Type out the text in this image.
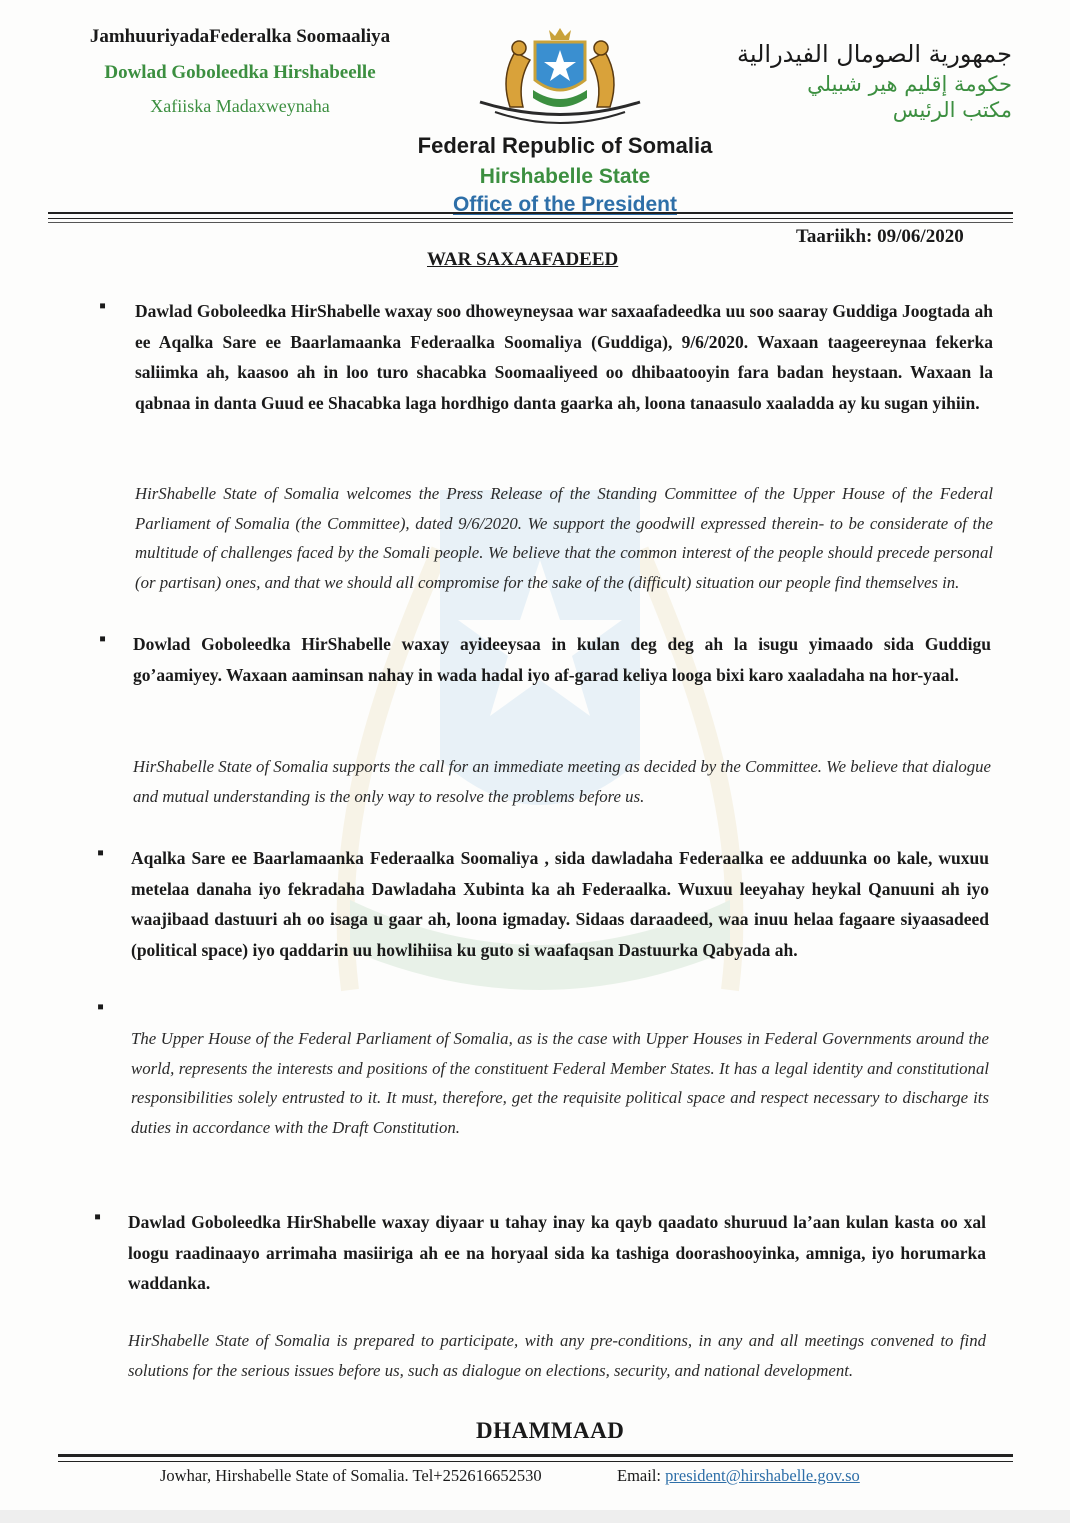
JamhuuriyadaFederalka Soomaaliya
Dowlad Goboleedka Hirshabeelle
Xafiiska Madaxweynaha
جمهورية الصومال الفيدرالية
حكومة إقليم هير شبيلي
مكتب الرئيس
Federal Republic of Somalia
Hirshabelle State
Office of the President
Taariikh: 09/06/2020
WAR SAXAAFADEED
▪ Dawlad Goboleedka HirShabelle waxay soo dhoweyneysaa war saxaafadeedka uu soo saaray Guddiga Joogtada ah ee Aqalka Sare ee Baarlamaanka Federaalka Soomaliya (Guddiga), 9/6/2020. Waxaan taageereynaa fekerka saliimka ah, kaasoo ah in loo turo shacabka Soomaaliyeed oo dhibaatooyin fara badan heystaan. Waxaan la qabnaa in danta Guud ee Shacabka laga hordhigo danta gaarka ah, loona tanaasulo xaaladda ay ku sugan yihiin.
HirShabelle State of Somalia welcomes the Press Release of the Standing Committee of the Upper House of the Federal Parliament of Somalia (the Committee), dated 9/6/2020. We support the goodwill expressed therein- to be considerate of the multitude of challenges faced by the Somali people. We believe that the common interest of the people should precede personal (or partisan) ones, and that we should all compromise for the sake of the (difficult) situation our people find themselves in.
▪ Dowlad Goboleedka HirShabelle waxay ayideeysaa in kulan deg deg ah la isugu yimaado sida Guddigu go’aamiyey. Waxaan aaminsan nahay in wada hadal iyo af-garad keliya looga bixi karo xaaladaha na hor-yaal.
HirShabelle State of Somalia supports the call for an immediate meeting as decided by the Committee. We believe that dialogue and mutual understanding is the only way to resolve the problems before us.
▪ Aqalka Sare ee Baarlamaanka Federaalka Soomaliya , sida dawladaha Federaalka ee adduunka oo kale, wuxuu metelaa danaha iyo fekradaha Dawladaha Xubinta ka ah Federaalka. Wuxuu leeyahay heykal Qanuuni ah iyo waajibaad dastuuri ah oo isaga u gaar ah, loona igmaday. Sidaas daraadeed, waa inuu helaa fagaare siyaasadeed (political space) iyo qaddarin uu howlihiisa ku guto si waafaqsan Dastuurka Qabyada ah.
▪
The Upper House of the Federal Parliament of Somalia, as is the case with Upper Houses in Federal Governments around the world, represents the interests and positions of the constituent Federal Member States. It has a legal identity and constitutional responsibilities solely entrusted to it. It must, therefore, get the requisite political space and respect necessary to discharge its duties in accordance with the Draft Constitution.
▪ Dawlad Goboleedka HirShabelle waxay diyaar u tahay inay ka qayb qaadato shuruud la’aan kulan kasta oo xal loogu raadinaayo arrimaha masiiriga ah ee na horyaal sida ka tashiga doorashooyinka, amniga, iyo horumarka waddanka.
HirShabelle State of Somalia is prepared to participate, with any pre-conditions, in any and all meetings convened to find solutions for the serious issues before us, such as dialogue on elections, security, and national development.
DHAMMAAD
Jowhar, Hirshabelle State of Somalia. Tel+252616652530	Email: president@hirshabelle.gov.so
